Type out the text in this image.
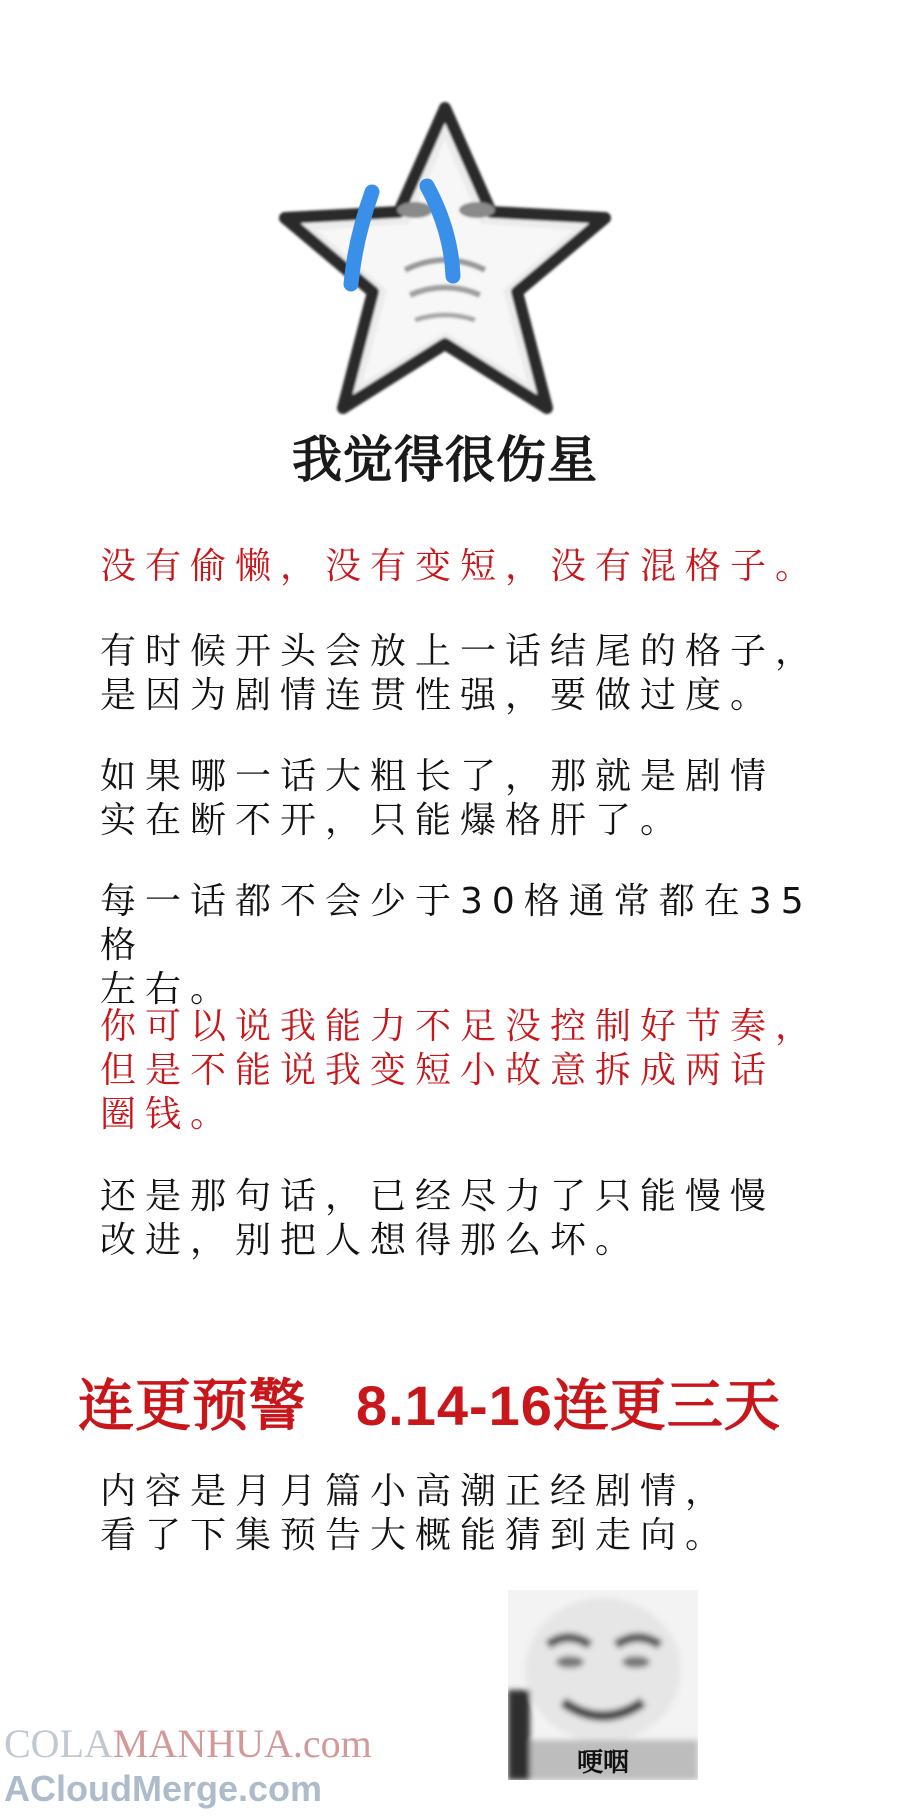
我觉得很伤星

没有偷懒，没有变短，没有混格子。

有时候开头会放上一话结尾的格子，
是因为剧情连贯性强，要做过度。

如果哪一话大粗长了，那就是剧情
实在断不开，只能爆格肝了。

每一话都不会少于30格通常都在35格
左右。

你可以说我能力不足没控制好节奏，
但是不能说我变短小故意拆成两话
圈钱。

还是那句话，已经尽力了只能慢慢
改进，别把人想得那么坏。

连更预警 8.14-16连更三天

内容是月月篇小高潮正经剧情，
看了下集预告大概能猜到走向。

哽咽
COLAMANHUA.com
ACloudMerge.com
